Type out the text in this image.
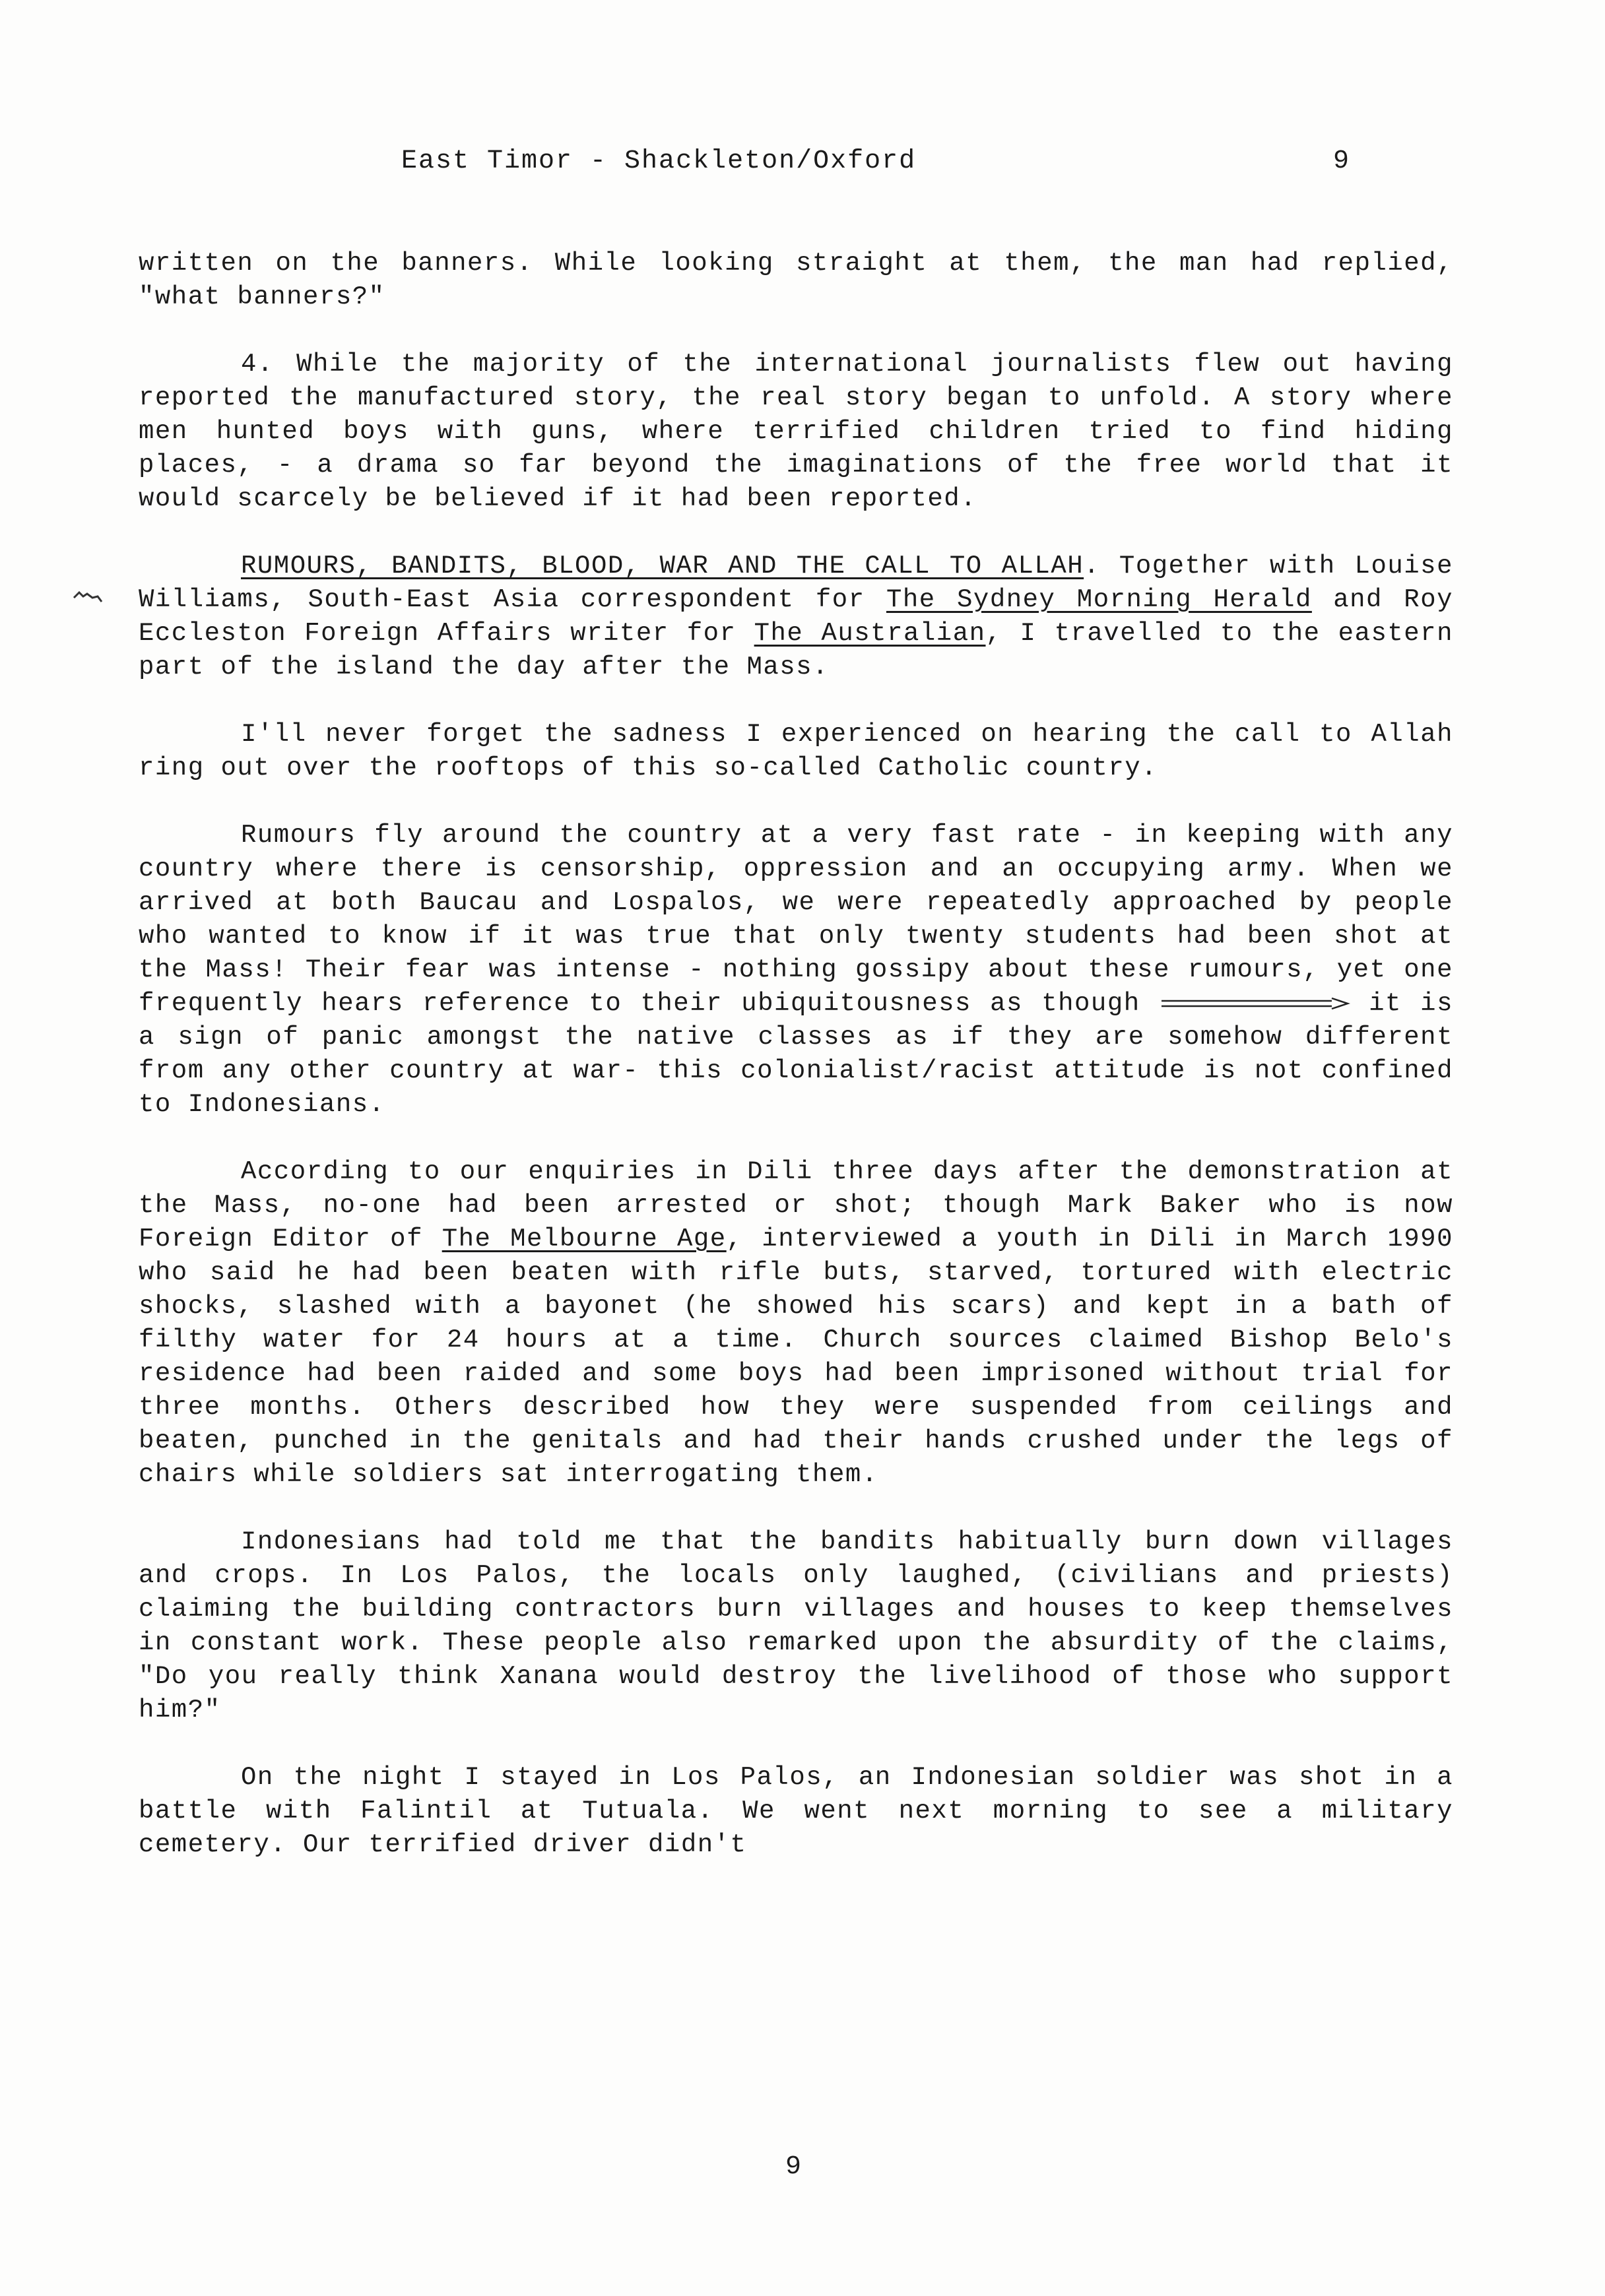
East Timor - Shackleton/Oxford	9

written on the banners. While looking straight at them, the man had replied, "what banners?"

4. While the majority of the international journalists flew out having reported the manufactured story, the real story began to unfold. A story where men hunted boys with guns, where terrified children tried to find hiding places, - a drama so far beyond the imaginations of the free world that it would scarcely be believed if it had been reported.

RUMOURS, BANDITS, BLOOD, WAR AND THE CALL TO ALLAH. Together with Louise Williams, South-East Asia correspondent for The Sydney Morning Herald and Roy Eccleston Foreign Affairs writer for The Australian, I travelled to the eastern part of the island the day after the Mass.

I'll never forget the sadness I experienced on hearing the call to Allah ring out over the rooftops of this so-called Catholic country.

Rumours fly around the country at a very fast rate - in keeping with any country where there is censorship, oppression and an occupying army. When we arrived at both Baucau and Lospalos, we were repeatedly approached by people who wanted to know if it was true that only twenty students had been shot at the Mass! Their fear was intense - nothing gossipy about these rumours, yet one frequently hears reference to their ubiquitousness as though	it is a sign of panic amongst the native classes as if they are somehow different from any other country at war- this colonialist/racist attitude is not confined to Indonesians.

According to our enquiries in Dili three days after the demonstration at the Mass, no-one had been arrested or shot; though Mark Baker who is now Foreign Editor of The Melbourne Age, interviewed a youth in Dili in March 1990 who said he had been beaten with rifle buts, starved, tortured with electric shocks, slashed with a bayonet (he showed his scars) and kept in a bath of filthy water for 24 hours at a time. Church sources claimed Bishop Belo's residence had been raided and some boys had been imprisoned without trial for three months. Others described how they were suspended from ceilings and beaten, punched in the genitals and had their hands crushed under the legs of chairs while soldiers sat interrogating them.

Indonesians had told me that the bandits habitually burn down villages and crops. In Los Palos, the locals only laughed, (civilians and priests) claiming the building contractors burn villages and houses to keep themselves in constant work. These people also remarked upon the absurdity of the claims, "Do you really think Xanana would destroy the livelihood of those who support him?"

On the night I stayed in Los Palos, an Indonesian soldier was shot in a battle with Falintil at Tutuala. We went next morning to see a military cemetery. Our terrified driver didn't

9
